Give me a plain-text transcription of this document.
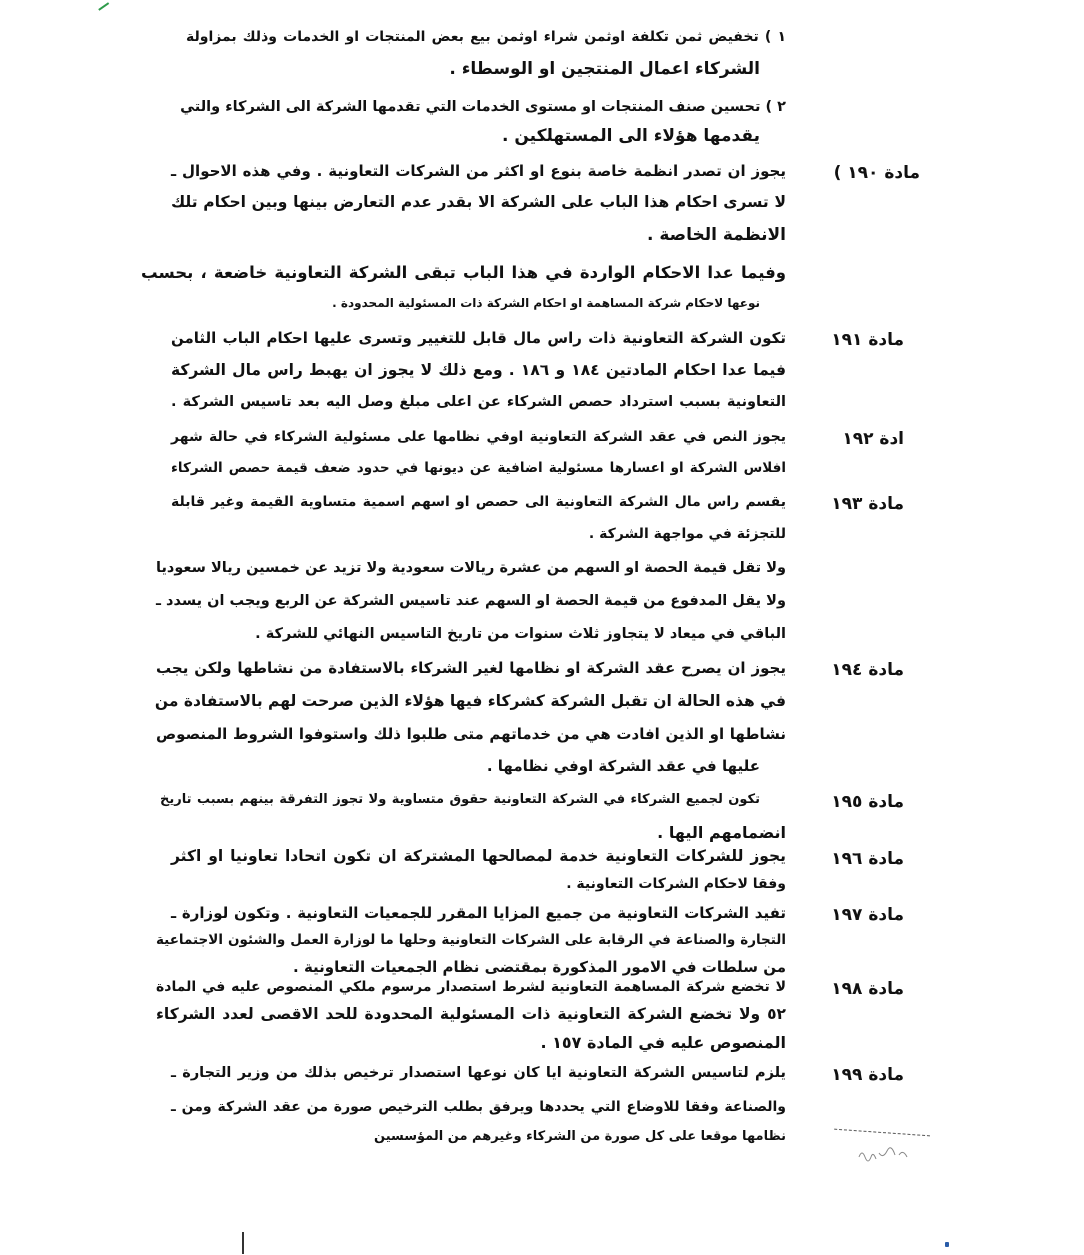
١ ) تخفيض ثمن تكلفة اوثمن شراء اوثمن بيع بعض المنتجات او الخدمات وذلك بمزاولة
الشركاء اعمال المنتجين او الوسطاء .
٢ ) تحسين صنف المنتجات او مستوى الخدمات التي تقدمها الشركة الى الشركاء والتي
يقدمها هؤلاء الى المستهلكين .
يجوز ان تصدر انظمة خاصة بنوع او اكثر من الشركات التعاونية . وفي هذه الاحوال ـ
لا تسرى احكام هذا الباب على الشركة الا بقدر عدم التعارض بينها وبين احكام تلك
الانظمة الخاصة .
وفيما عدا الاحكام الواردة في هذا الباب تبقى الشركة التعاونية خاضعة ، بحسب
نوعها لاحكام شركة المساهمة او احكام الشركة ذات المسئولية المحدودة .
تكون الشركة التعاونية ذات راس مال قابل للتغيير وتسرى عليها احكام الباب الثامن
فيما عدا احكام المادتين ١٨٤ و ١٨٦ . ومع ذلك لا يجوز ان يهبط راس مال الشركة
التعاونية بسبب استرداد حصص الشركاء عن اعلى مبلغ وصل اليه بعد تاسيس الشركة .
يجوز النص في عقد الشركة التعاونية اوفي نظامها على مسئولية الشركاء في حالة شهر
افلاس الشركة او اعسارها مسئولية اضافية عن ديونها في حدود ضعف قيمة حصص الشركاء
يقسم راس مال الشركة التعاونية الى حصص او اسهم اسمية متساوية القيمة وغير قابلة
للتجزئة في مواجهة الشركة .
ولا تقل قيمة الحصة او السهم من عشرة ريالات سعودية ولا تزيد عن خمسين ريالا سعوديا
ولا يقل المدفوع من قيمة الحصة او السهم عند تاسيس الشركة عن الربع ويجب ان يسدد ـ
الباقي في ميعاد لا يتجاوز ثلاث سنوات من تاريخ التاسيس النهائي للشركة .
يجوز ان يصرح عقد الشركة او نظامها لغير الشركاء بالاستفادة من نشاطها ولكن يجب
في هذه الحالة ان تقبل الشركة كشركاء فيها هؤلاء الذين صرحت لهم بالاستفادة من
نشاطها او الذين افادت هي من خدماتهم متى طلبوا ذلك واستوفوا الشروط المنصوص
عليها في عقد الشركة اوفي نظامها .
تكون لجميع الشركاء في الشركة التعاونية حقوق متساوية ولا تجوز التفرقة بينهم بسبب تاريخ
انضمامهم اليها .
يجوز للشركات التعاونية خدمة لمصالحها المشتركة ان تكون اتحادا تعاونيا او اكثر
وفقا لاحكام الشركات التعاونية .
تفيد الشركات التعاونية من جميع المزايا المقرر للجمعيات التعاونية . وتكون لوزارة ـ
التجارة والصناعة في الرقابة على الشركات التعاونية وحلها ما لوزارة العمل والشئون الاجتماعية
من سلطات في الامور المذكورة بمقتضى نظام الجمعيات التعاونية .
لا تخضع شركة المساهمة التعاونية لشرط استصدار مرسوم ملكي المنصوص عليه في المادة
٥٢ ولا تخضع الشركة التعاونية ذات المسئولية المحدودة للحد الاقصى لعدد الشركاء
المنصوص عليه في المادة ١٥٧ .
يلزم لتاسيس الشركة التعاونية ايا كان نوعها استصدار ترخيص بذلك من وزير التجارة ـ
والصناعة وفقا للاوضاع التي يحددها ويرفق بطلب الترخيص صورة من عقد الشركة ومن ـ
نظامها موقعا على كل صورة من الشركاء وغيرهم من المؤسسين
مادة ١٩٠ )
مادة ١٩١
ادة ١٩٢
مادة ١٩٣
مادة ١٩٤
مادة ١٩٥
مادة ١٩٦
مادة ١٩٧
مادة ١٩٨
مادة ١٩٩
